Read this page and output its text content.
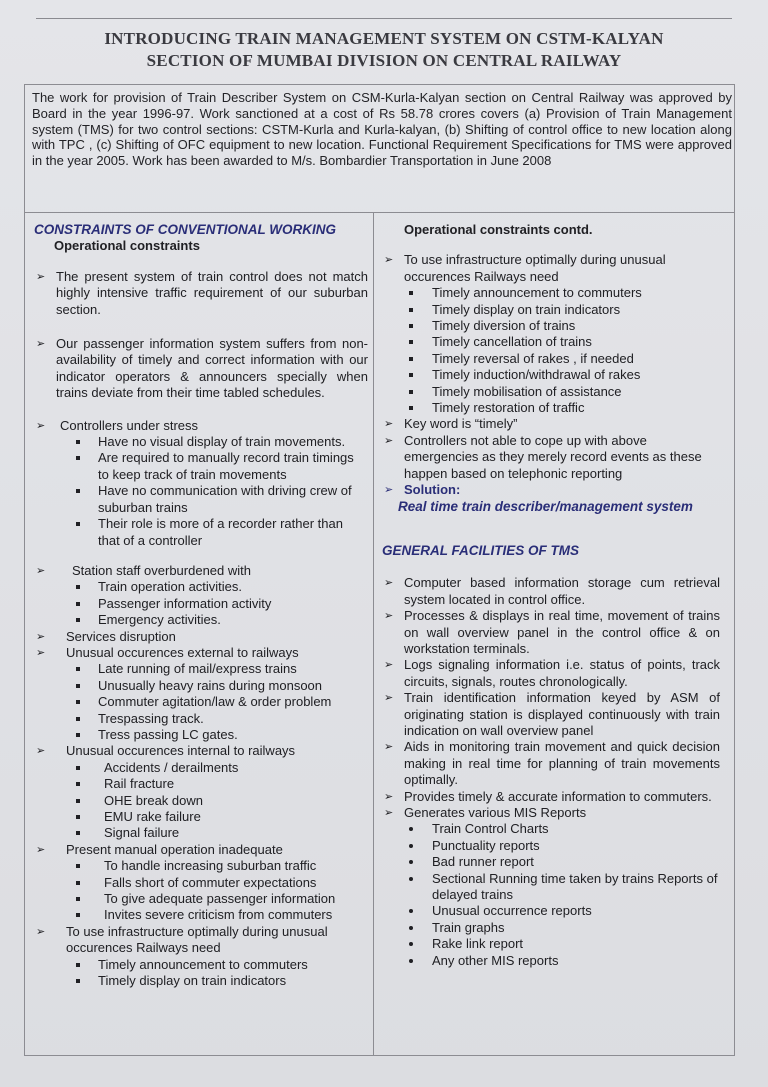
INTRODUCING TRAIN MANAGEMENT SYSTEM ON CSTM-KALYAN
SECTION OF MUMBAI DIVISION ON CENTRAL RAILWAY
The work for provision of Train Describer System on CSM-Kurla-Kalyan section on Central Railway was approved by Board in the year 1996-97. Work sanctioned at a cost of Rs 58.78 crores covers (a) Provision of Train Management system (TMS) for two control sections: CSTM-Kurla and Kurla-kalyan, (b) Shifting of control office to new location along with TPC , (c) Shifting of OFC equipment to new location. Functional Requirement Specifications for TMS were approved in the year 2005. Work has been awarded to M/s. Bombardier Transportation in June 2008
CONSTRAINTS OF CONVENTIONAL WORKING
Operational constraints
➢ The present system of train control does not match highly intensive traffic requirement of our suburban section.
➢ Our passenger information system suffers from non-availability of timely and correct information with our indicator operators & announcers specially when trains deviate from their time tabled schedules.
➢ Controllers under stress
Have no visual display of train movements.
Are required to manually record train timings to keep track of train movements
Have no communication with driving crew of suburban trains
Their role is more of a recorder rather than that of a controller
➢ Station staff overburdened with
Train operation activities.
Passenger information activity
Emergency activities.
➢ Services disruption
➢ Unusual occurences external to railways
Late running of mail/express trains
Unusually heavy rains during monsoon
Commuter agitation/law & order problem
Trespassing track.
Tress passing LC gates.
➢ Unusual occurences internal to railways
Accidents / derailments
Rail fracture
OHE break down
EMU rake failure
Signal failure
➢ Present manual operation inadequate
To handle increasing suburban traffic
Falls short of commuter expectations
To give adequate passenger information
Invites severe criticism from commuters
➢ To use infrastructure optimally during unusual occurences Railways need
Timely announcement to commuters
Timely display on train indicators
Operational constraints contd.
➢ To use infrastructure optimally during unusual occurences Railways need
Timely announcement to commuters
Timely display on train indicators
Timely diversion of trains
Timely cancellation of trains
Timely reversal of rakes , if needed
Timely induction/withdrawal of rakes
Timely mobilisation of assistance
Timely restoration of traffic
➢ Key word is “timely”
➢ Controllers not able to cope up with above emergencies as they merely record events as these happen based on telephonic reporting
➢ Solution:
Real time train describer/management system
GENERAL FACILITIES OF TMS
➢ Computer based information storage cum retrieval system located in control office.
➢ Processes & displays in real time, movement of trains on wall overview panel in the control office & on workstation terminals.
➢ Logs signaling information i.e. status of points, track circuits, signals, routes chronologically.
➢ Train identification information keyed by ASM of originating station is displayed continuously with train indication on wall overview panel
➢ Aids in monitoring train movement and quick decision making in real time for planning of train movements optimally.
➢ Provides timely & accurate information to commuters.
➢ Generates various MIS Reports
Train Control Charts
Punctuality reports
Bad runner report
Sectional Running time taken by trains Reports of delayed trains
Unusual occurrence reports
Train graphs
Rake link report
Any other MIS reports
